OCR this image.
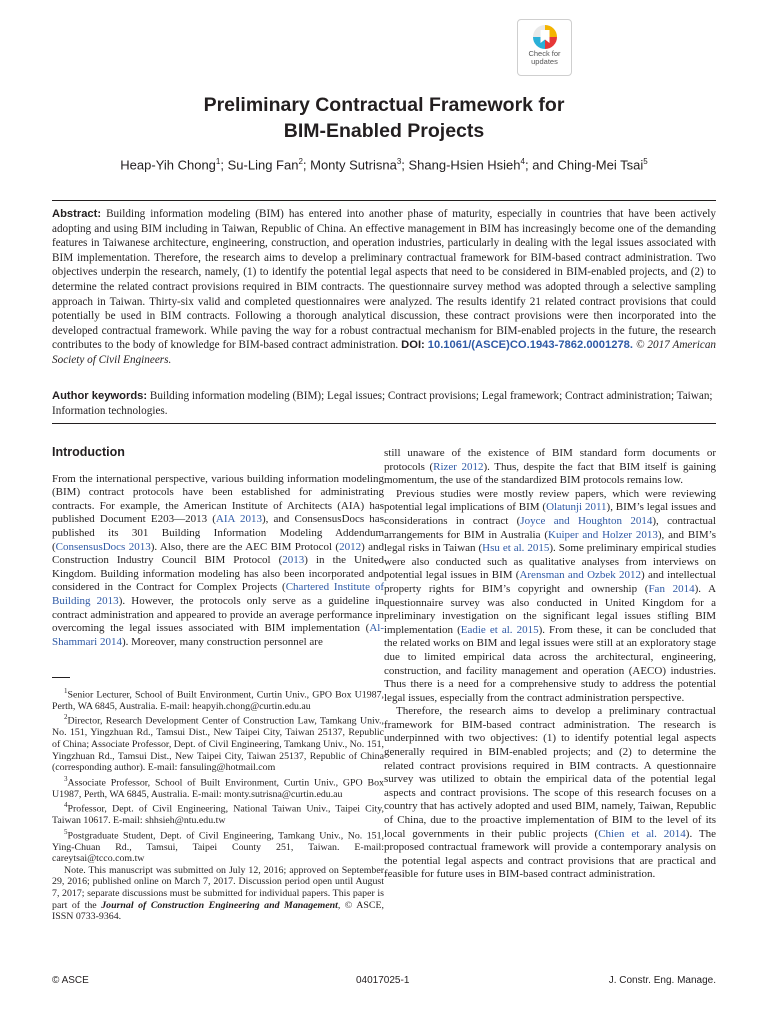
Check for
updates
Preliminary Contractual Framework for
BIM-Enabled Projects
Heap-Yih Chong$^1$; Su-Ling Fan$^2$; Monty Sutrisna$^3$; Shang-Hsien Hsieh$^4$; and Ching-Mei Tsai$^5$
Abstract: Building information modeling (BIM) has entered into another phase of maturity, especially in countries that have been actively adopting and using BIM including in Taiwan, Republic of China. An effective management in BIM has increasingly become one of the demanding features in Taiwanese architecture, engineering, construction, and operation industries, particularly in dealing with the legal issues associated with BIM implementation. Therefore, the research aims to develop a preliminary contractual framework for BIM-based contract administration. Two objectives underpin the research, namely, (1) to identify the potential legal aspects that need to be considered in BIM-enabled projects, and (2) to determine the related contract provisions required in BIM contracts. The questionnaire survey method was adopted through a selective sampling approach in Taiwan. Thirty-six valid and completed questionnaires were analyzed. The results identify 21 related contract provisions that could potentially be used in BIM contracts. Following a thorough analytical discussion, these contract provisions were then incorporated into the developed contractual framework. While paving the way for a robust contractual mechanism for BIM-enabled projects in the future, the research contributes to the body of knowledge for BIM-based contract administration. DOI: 10.1061/(ASCE)CO.1943-7862.0001278. © 2017 American Society of Civil Engineers.
Author keywords: Building information modeling (BIM); Legal issues; Contract provisions; Legal framework; Contract administration; Taiwan; Information technologies.
Introduction

From the international perspective, various building information modeling (BIM) contract protocols have been established for administrating contracts. For example, the American Institute of Architects (AIA) has published Document E203—2013 (AIA 2013), and ConsensusDocs has published its 301 Building Information Modeling Addendum (ConsensusDocs 2013). Also, there are the AEC BIM Protocol (2012) and Construction Industry Council BIM Protocol (2013) in the United Kingdom. Building information modeling has also been incorporated and considered in the Contract for Complex Projects (Chartered Institute of Building 2013). However, the protocols only serve as a guideline in contract administration and appeared to provide an average performance in overcoming the legal issues associated with BIM implementation (Al-Shammari 2014). Moreover, many construction personnel are

$^1$Senior Lecturer, School of Built Environment, Curtin Univ., GPO Box U1987, Perth, WA 6845, Australia. E-mail: heapyih.chong@curtin.edu.au

$^2$Director, Research Development Center of Construction Law, Tamkang Univ., No. 151, Yingzhuan Rd., Tamsui Dist., New Taipei City, Taiwan 25137, Republic of China; Associate Professor, Dept. of Civil Engineering, Tamkang Univ., No. 151, Yingzhuan Rd., Tamsui Dist., New Taipei City, Taiwan 25137, Republic of China (corresponding author). E-mail: fansuling@hotmail.com

$^3$Associate Professor, School of Built Environment, Curtin Univ., GPO Box U1987, Perth, WA 6845, Australia. E-mail: monty.sutrisna@curtin.edu.au

$^4$Professor, Dept. of Civil Engineering, National Taiwan Univ., Taipei City, Taiwan 10617. E-mail: shhsieh@ntu.edu.tw

$^5$Postgraduate Student, Dept. of Civil Engineering, Tamkang Univ., No. 151, Ying-Chuan Rd., Tamsui, Taipei County 251, Taiwan. E-mail: careytsai@tcco.com.tw

Note. This manuscript was submitted on July 12, 2016; approved on September 29, 2016; published online on March 7, 2017. Discussion period open until August 7, 2017; separate discussions must be submitted for individual papers. This paper is part of the Journal of Construction Engineering and Management, © ASCE, ISSN 0733-9364.

still unaware of the existence of BIM standard form documents or protocols (Rizer 2012). Thus, despite the fact that BIM itself is gaining momentum, the use of the standardized BIM protocols remains low.

Previous studies were mostly review papers, which were reviewing potential legal implications of BIM (Olatunji 2011), BIM’s legal issues and considerations in contract (Joyce and Houghton 2014), contractual arrangements for BIM in Australia (Kuiper and Holzer 2013), and BIM’s legal risks in Taiwan (Hsu et al. 2015). Some preliminary empirical studies were also conducted such as qualitative analyses from interviews on potential legal issues in BIM (Arensman and Ozbek 2012) and intellectual property rights for BIM’s copyright and ownership (Fan 2014). A questionnaire survey was also conducted in United Kingdom for a preliminary investigation on the significant legal issues stifling BIM implementation (Eadie et al. 2015). From these, it can be concluded that the related works on BIM and legal issues were still at an exploratory stage due to limited empirical data across the architectural, engineering, construction, and facility management and operation (AECO) industries. Thus there is a need for a comprehensive study to address the potential legal issues, especially from the contract administration perspective.

Therefore, the research aims to develop a preliminary contractual framework for BIM-based contract administration. The research is underpinned with two objectives: (1) to identify potential legal aspects generally required in BIM-enabled projects; and (2) to determine the related contract provisions required in BIM contracts. A questionnaire survey was utilized to obtain the empirical data of the potential legal aspects and contract provisions. The scope of this research focuses on a country that has actively adopted and used BIM, namely, Taiwan, Republic of China, due to the proactive implementation of BIM to the level of its local governments in their public projects (Chien et al. 2014). The proposed contractual framework will provide a contemporary analysis on the potential legal aspects and contract provisions that are practical and feasible for future uses in BIM-based contract administration.

© ASCE	04017025-1	J. Constr. Eng. Manage.
